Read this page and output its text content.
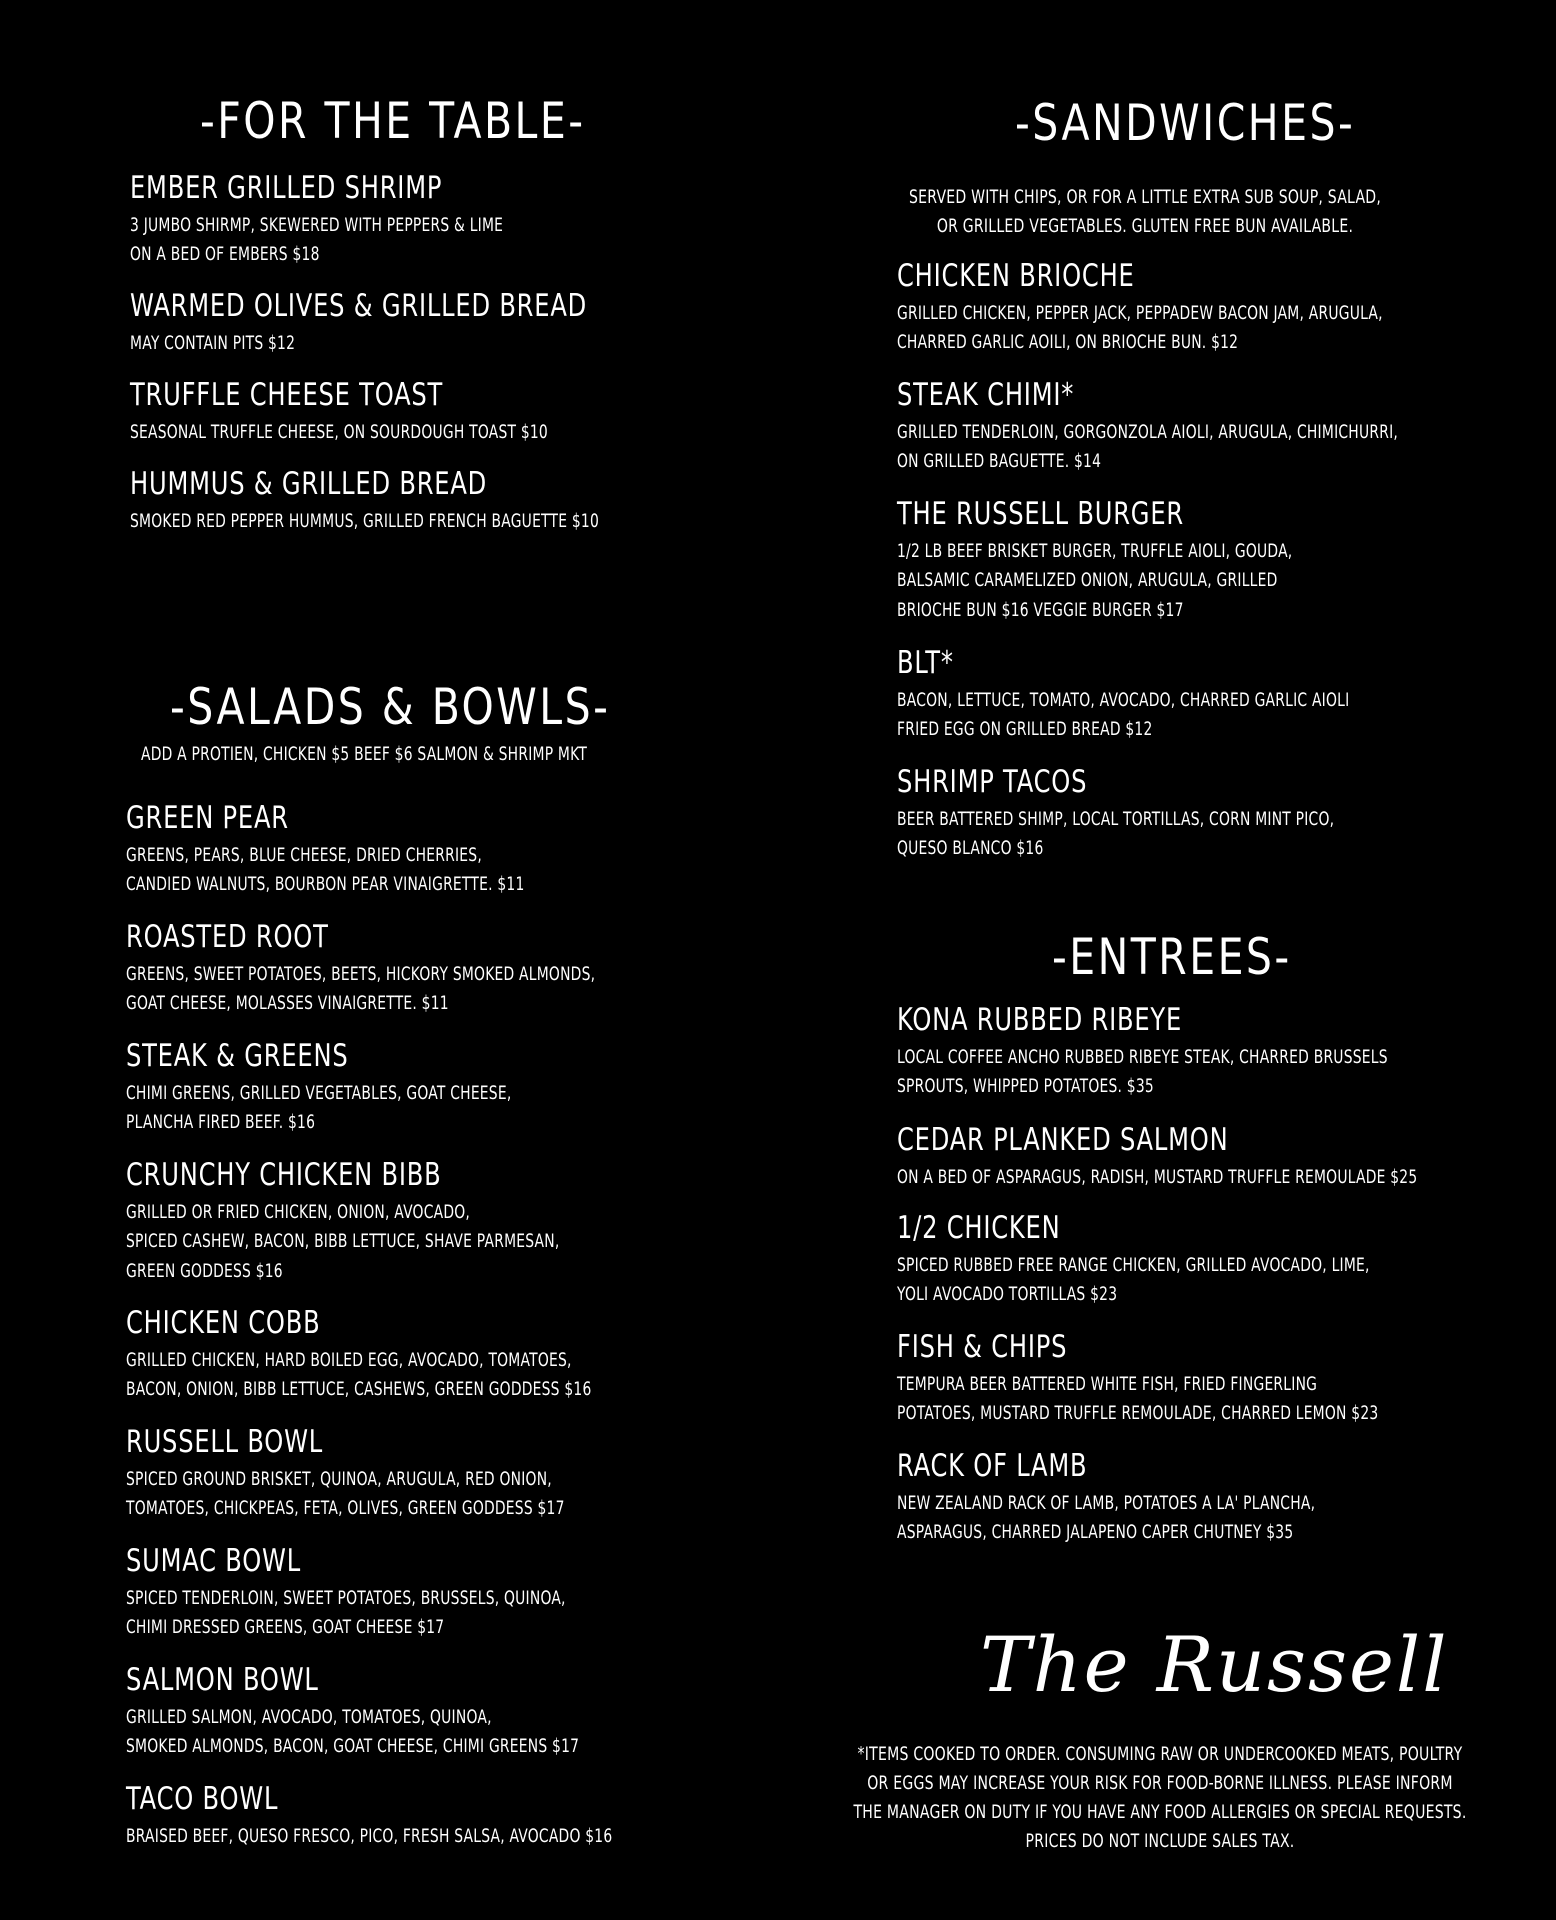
-FOR THE TABLE-
EMBER GRILLED SHRIMP

3 JUMBO SHIRMP, SKEWERED WITH PEPPERS & LIME
ON A BED OF EMBERS $18

WARMED OLIVES & GRILLED BREAD

MAY CONTAIN PITS $12

TRUFFLE CHEESE TOAST

SEASONAL TRUFFLE CHEESE, ON SOURDOUGH TOAST $10

HUMMUS & GRILLED BREAD

SMOKED RED PEPPER HUMMUS, GRILLED FRENCH BAGUETTE $10

-SALADS & BOWLS-

ADD A PROTIEN, CHICKEN $5 BEEF $6 SALMON & SHRIMP MKT

GREEN PEAR

GREENS, PEARS, BLUE CHEESE, DRIED CHERRIES,
CANDIED WALNUTS, BOURBON PEAR VINAIGRETTE. $11

ROASTED ROOT

GREENS, SWEET POTATOES, BEETS, HICKORY SMOKED ALMONDS,
GOAT CHEESE, MOLASSES VINAIGRETTE. $11

STEAK & GREENS

CHIMI GREENS, GRILLED VEGETABLES, GOAT CHEESE,
PLANCHA FIRED BEEF. $16

CRUNCHY CHICKEN BIBB

GRILLED OR FRIED CHICKEN, ONION, AVOCADO,
SPICED CASHEW, BACON, BIBB LETTUCE, SHAVE PARMESAN,
GREEN GODDESS $16

CHICKEN COBB

GRILLED CHICKEN, HARD BOILED EGG, AVOCADO, TOMATOES,
BACON, ONION, BIBB LETTUCE, CASHEWS, GREEN GODDESS $16

RUSSELL BOWL

SPICED GROUND BRISKET, QUINOA, ARUGULA, RED ONION,
TOMATOES, CHICKPEAS, FETA, OLIVES, GREEN GODDESS $17

SUMAC BOWL

SPICED TENDERLOIN, SWEET POTATOES, BRUSSELS, QUINOA,
CHIMI DRESSED GREENS, GOAT CHEESE $17

SALMON BOWL

GRILLED SALMON, AVOCADO, TOMATOES, QUINOA,
SMOKED ALMONDS, BACON, GOAT CHEESE, CHIMI GREENS $17

TACO BOWL

BRAISED BEEF, QUESO FRESCO, PICO, FRESH SALSA, AVOCADO $16

-SANDWICHES-

SERVED WITH CHIPS, OR FOR A LITTLE EXTRA SUB SOUP, SALAD,
OR GRILLED VEGETABLES. GLUTEN FREE BUN AVAILABLE.

CHICKEN BRIOCHE

GRILLED CHICKEN, PEPPER JACK, PEPPADEW BACON JAM, ARUGULA,
CHARRED GARLIC AOILI, ON BRIOCHE BUN. $12

STEAK CHIMI*

GRILLED TENDERLOIN, GORGONZOLA AIOLI, ARUGULA, CHIMICHURRI,
ON GRILLED BAGUETTE. $14

THE RUSSELL BURGER

1/2 LB BEEF BRISKET BURGER, TRUFFLE AIOLI, GOUDA,
BALSAMIC CARAMELIZED ONION, ARUGULA, GRILLED
BRIOCHE BUN $16 VEGGIE BURGER $17

BLT*

BACON, LETTUCE, TOMATO, AVOCADO, CHARRED GARLIC AIOLI
FRIED EGG ON GRILLED BREAD $12

SHRIMP TACOS

BEER BATTERED SHIMP, LOCAL TORTILLAS, CORN MINT PICO,
QUESO BLANCO $16

-ENTREES-
KONA RUBBED RIBEYE

LOCAL COFFEE ANCHO RUBBED RIBEYE STEAK, CHARRED BRUSSELS
SPROUTS, WHIPPED POTATOES. $35

CEDAR PLANKED SALMON

ON A BED OF ASPARAGUS, RADISH, MUSTARD TRUFFLE REMOULADE $25

1/2 CHICKEN

SPICED RUBBED FREE RANGE CHICKEN, GRILLED AVOCADO, LIME,
YOLI AVOCADO TORTILLAS $23

FISH & CHIPS

TEMPURA BEER BATTERED WHITE FISH, FRIED FINGERLING
POTATOES, MUSTARD TRUFFLE REMOULADE, CHARRED LEMON $23

RACK OF LAMB

NEW ZEALAND RACK OF LAMB, POTATOES A LA' PLANCHA,
ASPARAGUS, CHARRED JALAPENO CAPER CHUTNEY $35

The Russell

*ITEMS COOKED TO ORDER. CONSUMING RAW OR UNDERCOOKED MEATS, POULTRY
OR EGGS MAY INCREASE YOUR RISK FOR FOOD-BORNE ILLNESS. PLEASE INFORM
THE MANAGER ON DUTY IF YOU HAVE ANY FOOD ALLERGIES OR SPECIAL REQUESTS.
PRICES DO NOT INCLUDE SALES TAX.
